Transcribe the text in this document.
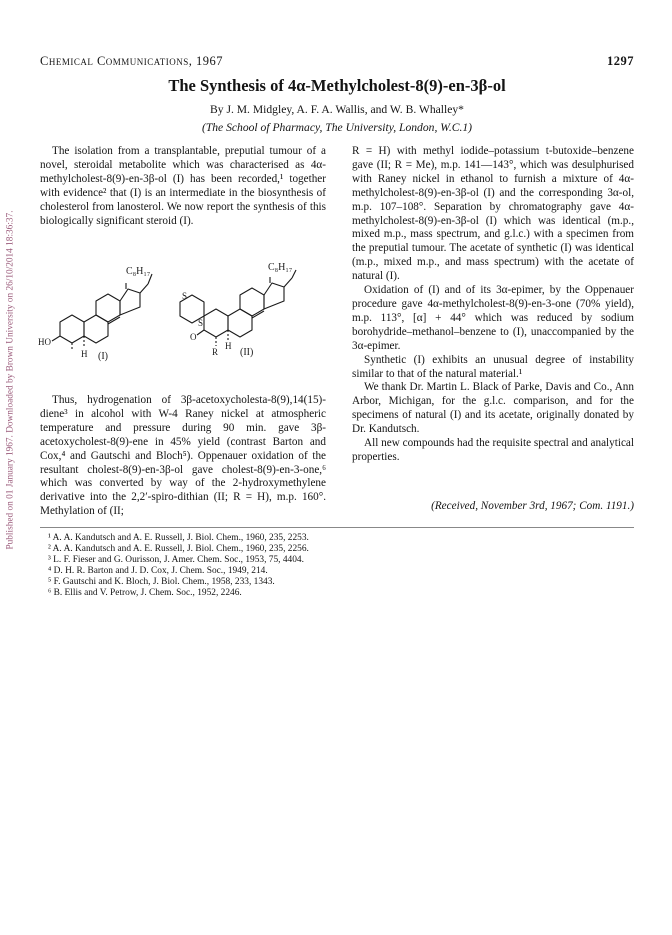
Published on 01 January 1967. Downloaded by Brown University on 26/10/2014 18:36:37.
Chemical Communications, 1967	1297
The Synthesis of 4α-Methylcholest-8(9)-en-3β-ol
By J. M. Midgley, A. F. A. Wallis, and W. B. Whalley*
(The School of Pharmacy, The University, London, W.C.1)

The isolation from a transplantable, preputial tumour of a novel, steroidal metabolite which was characterised as 4α-methylcholest-8(9)-en-3β-ol (I) has been recorded,¹ together with evidence² that (I) is an intermediate in the biosynthesis of cholesterol from lanosterol. We now report the synthesis of this biologically significant steroid (I).

C₈H₁₇
HO
H (I)
C₈H₁₇
S
S
O
R
H
(II)

Thus, hydrogenation of 3β-acetoxycholesta-8(9),14(15)-diene³ in alcohol with W-4 Raney nickel at atmospheric temperature and pressure during 90 min. gave 3β-acetoxycholest-8(9)-ene in 45% yield (contrast Barton and Cox,⁴ and Gautschi and Bloch⁵). Oppenauer oxidation of the resultant cholest-8(9)-en-3β-ol gave cholest-8(9)-en-3-one,⁶ which was converted by way of the 2-hydroxymethylene derivative into the 2,2′-spiro-dithian (II; R = H), m.p. 160°. Methylation of (II;

R = H) with methyl iodide–potassium t-butoxide–benzene gave (II; R = Me), m.p. 141—143°, which was desulphurised with Raney nickel in ethanol to furnish a mixture of 4α-methylcholest-8(9)-en-3β-ol (I) and the corresponding 3α-ol, m.p. 107–108°. Separation by chromatography gave 4α-methylcholest-8(9)-en-3β-ol (I) which was identical (m.p., mixed m.p., mass spectrum, and g.l.c.) with a specimen from the preputial tumour. The acetate of synthetic (I) was identical (m.p., mixed m.p., and mass spectrum) with the acetate of natural (I).

Oxidation of (I) and of its 3α-epimer, by the Oppenauer procedure gave 4α-methylcholest-8(9)-en-3-one (70% yield), m.p. 113°, [α] + 44° which was reduced by sodium borohydride–methanol–benzene to (I), unaccompanied by the 3α-epimer.

Synthetic (I) exhibits an unusual degree of instability similar to that of the natural material.¹

We thank Dr. Martin L. Black of Parke, Davis and Co., Ann Arbor, Michigan, for the g.l.c. comparison, and for the specimens of natural (I) and its acetate, originally donated by Dr. Kandutsch.

All new compounds had the requisite spectral and analytical properties.

(Received, November 3rd, 1967; Com. 1191.)
¹ A. A. Kandutsch and A. E. Russell, J. Biol. Chem., 1960, 235, 2253.
² A. A. Kandutsch and A. E. Russell, J. Biol. Chem., 1960, 235, 2256.
³ L. F. Fieser and G. Ourisson, J. Amer. Chem. Soc., 1953, 75, 4404.
⁴ D. H. R. Barton and J. D. Cox, J. Chem. Soc., 1949, 214.
⁵ F. Gautschi and K. Bloch, J. Biol. Chem., 1958, 233, 1343.
⁶ B. Ellis and V. Petrow, J. Chem. Soc., 1952, 2246.
